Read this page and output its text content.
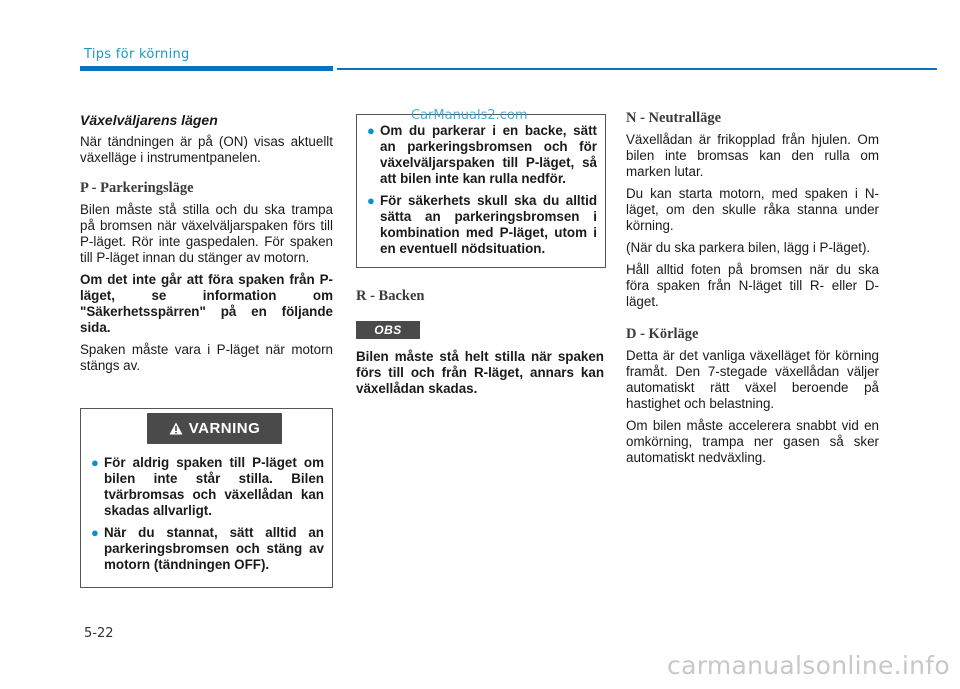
Tips för körning
Växelväljarens lägen
När tändningen är på (ON) visas aktuellt växelläge i instrumentpanelen.
P - Parkeringsläge
Bilen måste stå stilla och du ska trampa på bromsen när växelväljarspaken förs till P-läget. Rör inte gaspedalen. För spaken till P-läget innan du stänger av motorn.
Om det inte går att föra spaken från P-läget, se information om "Säkerhetsspärren" på en följande sida.
Spaken måste vara i P-läget när motorn stängs av.
VARNING
● För aldrig spaken till P-läget om bilen inte står stilla. Bilen tvärbromsas och växellådan kan skadas allvarligt.
● När du stannat, sätt alltid an parkeringsbromsen och stäng av motorn (tändningen OFF).
● Om du parkerar i en backe, sätt an parkeringsbromsen och för växelväljarspaken till P-läget, så att bilen inte kan rulla nedför.
● För säkerhets skull ska du alltid sätta an parkeringsbromsen i kombination med P-läget, utom i en eventuell nödsituation.
CarManuals2.com
R - Backen
OBS
Bilen måste stå helt stilla när spaken förs till och från R-läget, annars kan växellådan skadas.
N - Neutralläge
Växellådan är frikopplad från hjulen. Om bilen inte bromsas kan den rulla om marken lutar.
Du kan starta motorn, med spaken i N-läget, om den skulle råka stanna under körning.
(När du ska parkera bilen, lägg i P-läget).
Håll alltid foten på bromsen när du ska föra spaken från N-läget till R- eller D-läget.
D - Körläge
Detta är det vanliga växelläget för körning framåt. Den 7-stegade växellådan väljer automatiskt rätt växel beroende på hastighet och belastning.
Om bilen måste accelerera snabbt vid en omkörning, trampa ner gasen så sker automatiskt nedväxling.
5-22
carmanualsonline.info
